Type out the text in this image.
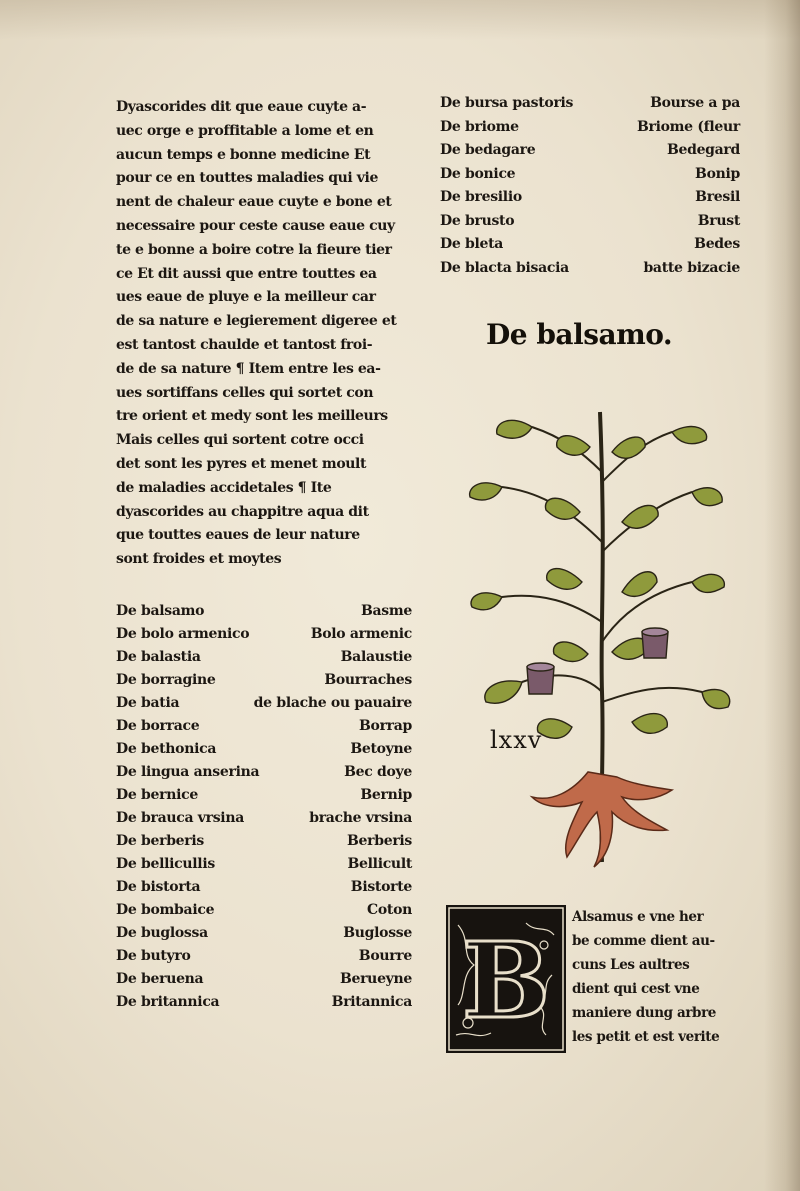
Dyascorides dit que eaue cuyte a-
uec orge e proffitable a lome et en
aucun temps e bonne medicine Et
pour ce en touttes maladies qui vie
nent de chaleur eaue cuyte e bone et
necessaire pour ceste cause eaue cuy
te e bonne a boire cotre la fieure tier
ce Et dit aussi que entre touttes ea
ues eaue de pluye e la meilleur car
de sa nature e legierement digeree et
est tantost chaulde et tantost froi-
de de sa nature ¶ Item entre les ea-
ues sortiffans celles qui sortet con
tre orient et medy sont les meilleurs
Mais celles qui sortent cotre occi
det sont les pyres et menet moult
de maladies accidetales ¶ Ite
dyascorides au chappitre aqua dit
que touttes eaues de leur nature
sont froides et moytes
De balsamo	Basme
De bolo armenico	Bolo armenic
De balastia	Balaustie
De borragine	Bourraches
De batia	de blache ou pauaire
De borrace	Borrap
De bethonica	Betoyne
De lingua anserina	Bec doye
De bernice	Bernip
De brauca vrsina	brache vrsina
De berberis	Berberis
De bellicullis	Bellicult
De bistorta	Bistorte
De bombaice	Coton
De buglossa	Buglosse
De butyro	Bourre
De beruena	Berueyne
De britannica	Britannica
De bursa pastoris	Bourse a pa
De briome	Briome (fleur
De bedagare	Bedegard
De bonice	Bonip
De bresilio	Bresil
De brusto	Brust
De bleta	Bedes
De blacta bisacia	batte bizacie
De balsamo.
lxxv
B
Alsamus e vne her
be comme dient au-
cuns Les aultres
dient qui cest vne
maniere dung arbre
les petit et est verite
